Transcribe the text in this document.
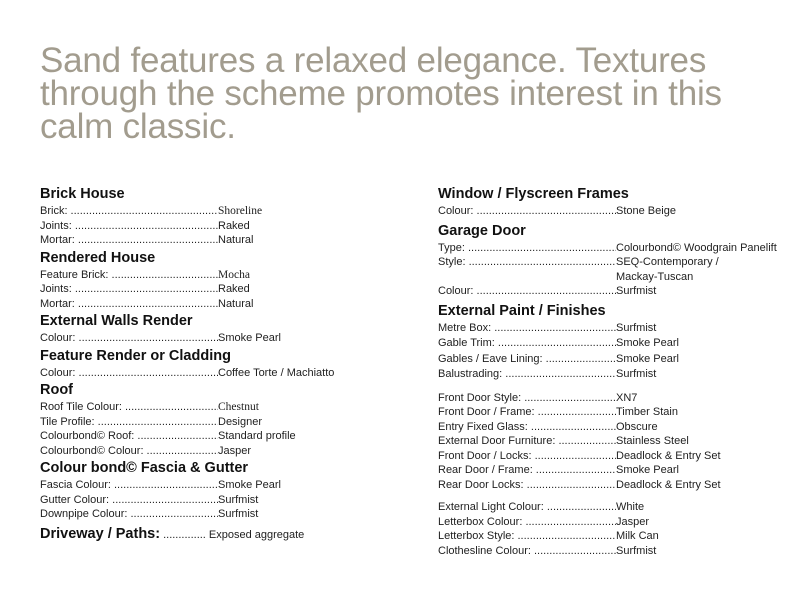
Sand features a relaxed elegance. Textures through the scheme promotes interest in this calm classic.
Brick House
Brick: .....	Shoreline
Joints: .....	Raked
Mortar: .....	Natural
Rendered House
Feature Brick: .....	Mocha
Joints: .....	Raked
Mortar: .....	Natural
External Walls Render
Colour: .....	Smoke Pearl
Feature Render or Cladding
Colour: .....	Coffee Torte / Machiatto
Roof
Roof Tile Colour: .....	Chestnut
Tile Profile: .....	Designer
Colourbond© Roof: .....	Standard profile
Colourbond© Colour: .....	Jasper
Colour bond© Fascia & Gutter
Fascia Colour: .....	Smoke Pearl
Gutter Colour: .....	Surfmist
Downpipe Colour: .....	Surfmist
Driveway / Paths: .............. Exposed aggregate
Window / Flyscreen Frames
Colour: .....	Stone Beige
Garage Door
Type: .....	Colourbond© Woodgrain Panelift
Style: .....	SEQ-Contemporary /
Mackay-Tuscan
Colour: .....	Surfmist
External Paint / Finishes
Metre Box: .....	Surfmist
Gable Trim: .....	Smoke Pearl
Gables / Eave Lining: .....	Smoke Pearl
Balustrading: .....	Surfmist
Front Door Style: .....	XN7
Front Door / Frame: .....	Timber Stain
Entry Fixed Glass: .....	Obscure
External Door Furniture: .....	Stainless Steel
Front Door / Locks: .....	Deadlock & Entry Set
Rear Door / Frame: .....	Smoke Pearl
Rear Door Locks: .....	Deadlock & Entry Set
External Light Colour: .....	White
Letterbox Colour: .....	Jasper
Letterbox Style: .....	Milk Can
Clothesline Colour: .....	Surfmist
